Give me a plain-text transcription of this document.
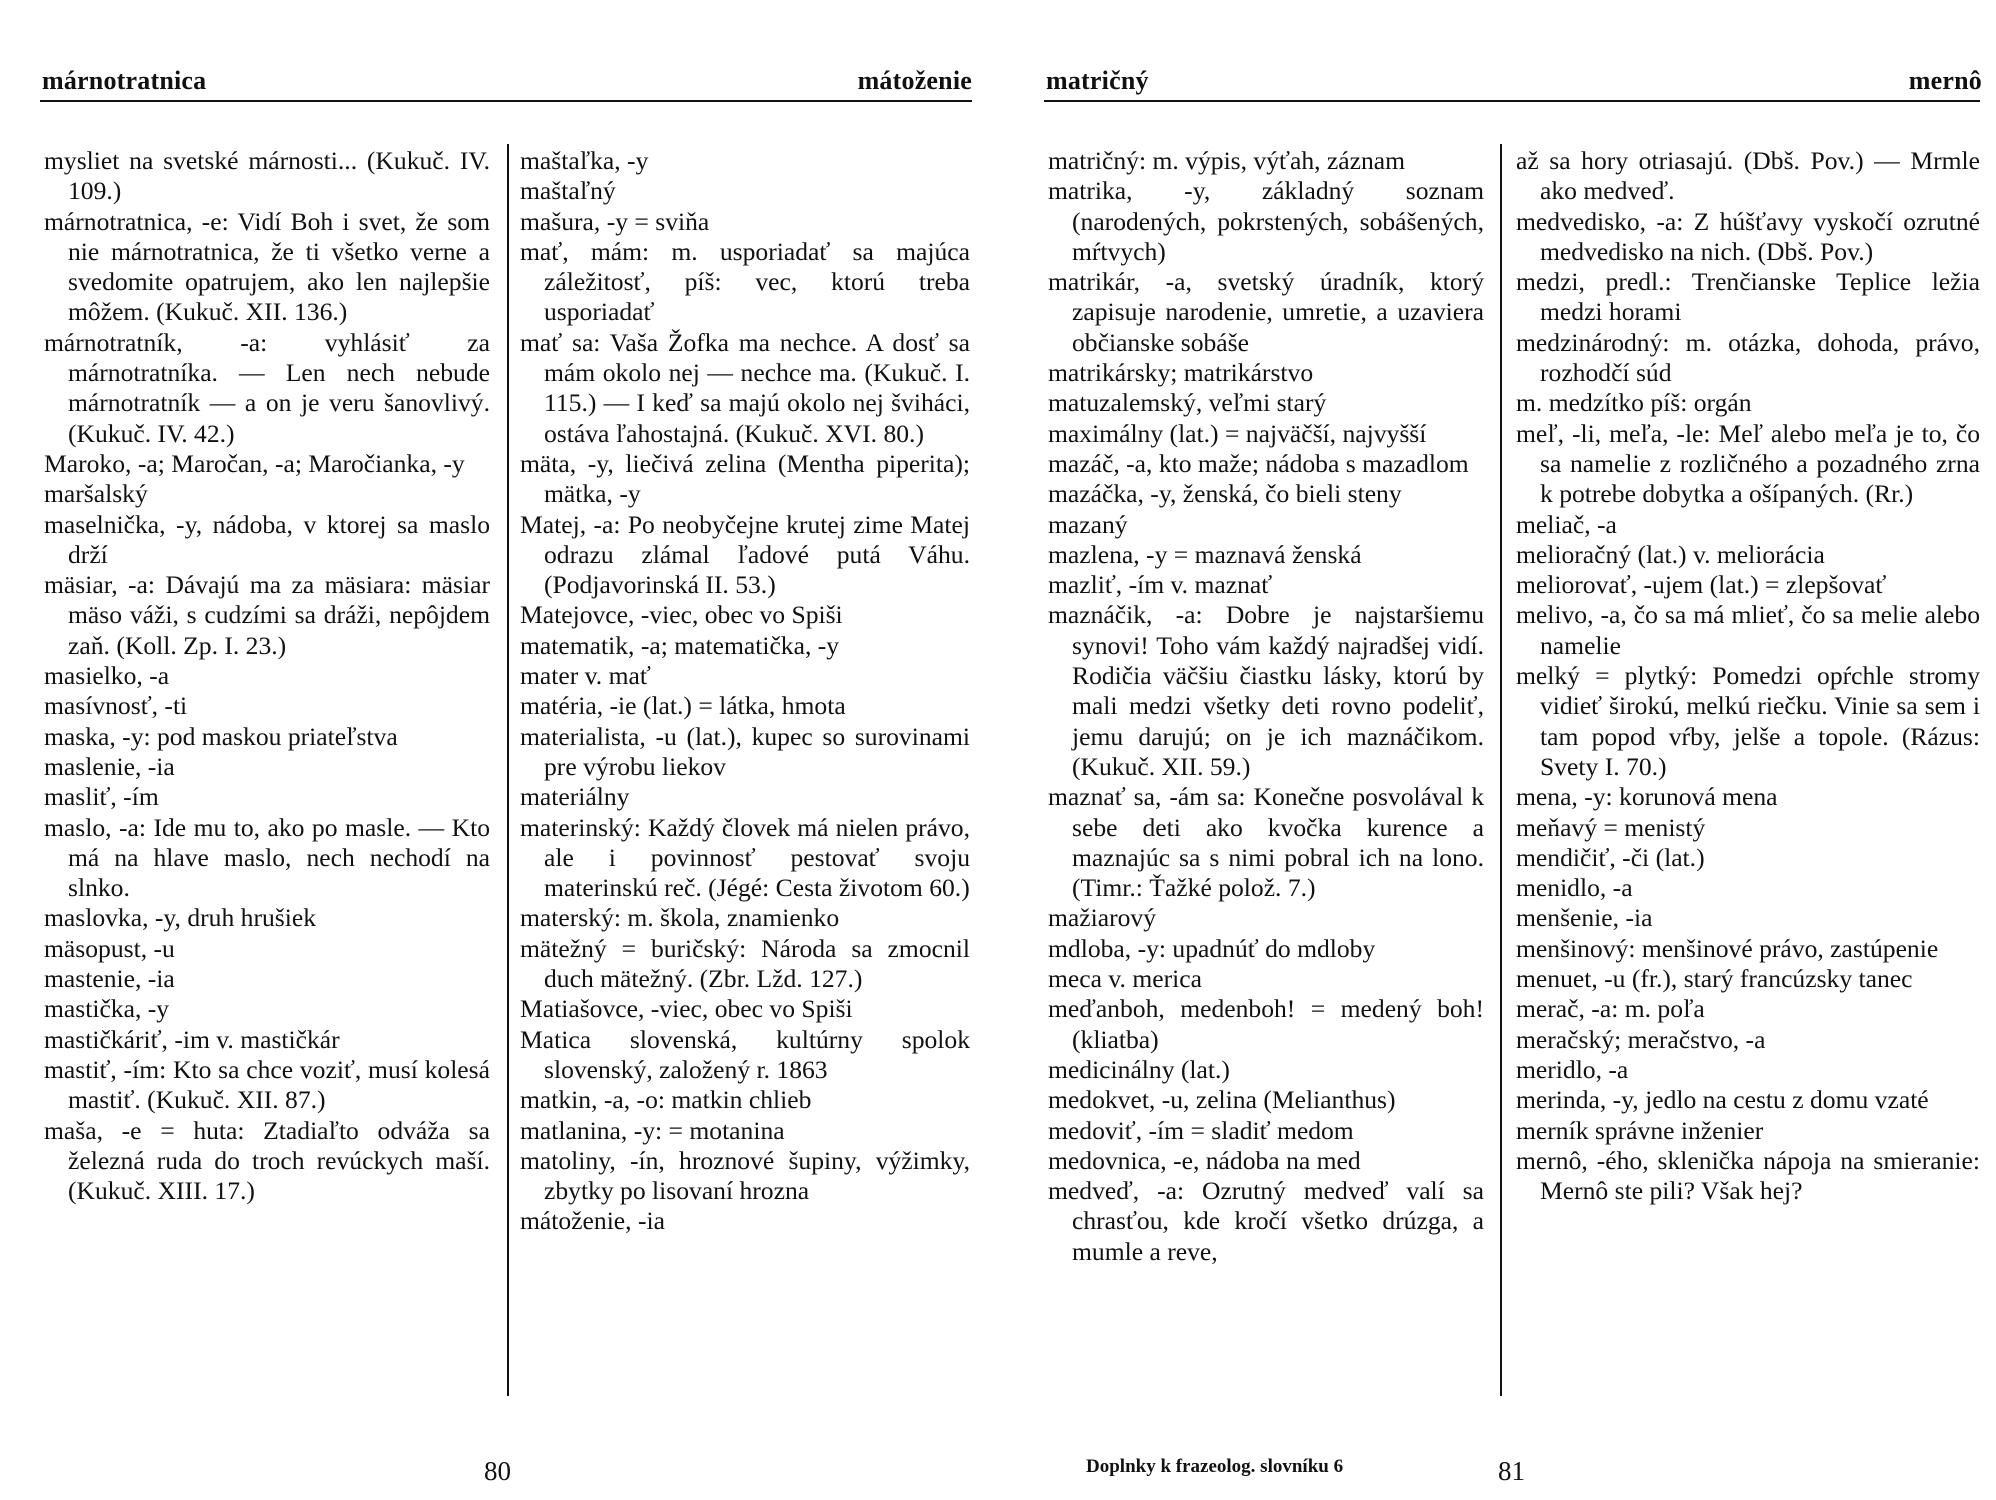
márnotratnica	mátoženie

mysliet na svetské márnosti... (Kukuč. IV. 109.)

márnotratnica, -e: Vidí Boh i svet, že som nie márnotratnica, že ti všetko verne a svedomite opatrujem, ako len najlepšie môžem. (Kukuč. XII. 136.)

márnotratník, -a: vyhlásiť za márnotratníka. — Len nech nebude márnotratník — a on je veru šanovlivý. (Kukuč. IV. 42.)

Maroko, -a; Maročan, -a; Maročianka, -y

maršalský

maselnička, -y, nádoba, v ktorej sa maslo drží

mäsiar, -a: Dávajú ma za mäsiara: mäsiar mäso váži, s cudzími sa dráži, nepôjdem zaň. (Koll. Zp. I. 23.)

masielko, -a

masívnosť, -ti

maska, -y: pod maskou priateľstva

maslenie, -ia

masliť, -ím

maslo, -a: Ide mu to, ako po masle. — Kto má na hlave maslo, nech nechodí na slnko.

maslovka, -y, druh hrušiek

mäsopust, -u

mastenie, -ia

mastička, -y

mastičkáriť, -im v. mastičkár

mastiť, -ím: Kto sa chce voziť, musí kolesá mastiť. (Kukuč. XII. 87.)

maša, -e = huta: Ztadiaľto odváža sa železná ruda do troch revúckych maší. (Kukuč. XIII. 17.)

maštaľka, -y

maštaľný

mašura, -y = sviňa

mať, mám: m. usporiadať sa majúca záležitosť, píš: vec, ktorú treba usporiadať

mať sa: Vaša Žofka ma nechce. A dosť sa mám okolo nej — nechce ma. (Kukuč. I. 115.) — I keď sa majú okolo nej šviháci, ostáva ľahostajná. (Kukuč. XVI. 80.)

mäta, -y, liečivá zelina (Mentha piperita); mätka, -y

Matej, -a: Po neobyčejne krutej zime Matej odrazu zlámal ľadové putá Váhu. (Podjavorinská II. 53.)

Matejovce, -viec, obec vo Spiši

matematik, -a; matematička, -y

mater v. mať

matéria, -ie (lat.) = látka, hmota

materialista, -u (lat.), kupec so surovinami pre výrobu liekov

materiálny

materinský: Každý človek má nielen právo, ale i povinnosť pestovať svoju materinskú reč. (Jégé: Cesta životom 60.)

materský: m. škola, znamienko

mätežný = buričský: Národa sa zmocnil duch mätežný. (Zbr. Lžd. 127.)

Matiašovce, -viec, obec vo Spiši

Matica slovenská, kultúrny spolok slovenský, založený r. 1863

matkin, -a, -o: matkin chlieb

matlanina, -y: = motanina

matoliny, -ín, hroznové šupiny, výžimky, zbytky po lisovaní hrozna

mátoženie, -ia

80
matričný	mernô

matričný: m. výpis, výťah, záznam

matrika, -y, základný soznam (narodených, pokrstených, sobášených, mŕtvych)

matrikár, -a, svetský úradník, ktorý zapisuje narodenie, umretie, a uzaviera občianske sobáše

matrikársky; matrikárstvo

matuzalemský, veľmi starý

maximálny (lat.) = najväčší, najvyšší

mazáč, -a, kto maže; nádoba s mazadlom

mazáčka, -y, ženská, čo bieli steny

mazaný

mazlena, -y = maznavá ženská

mazliť, -ím v. maznať

maznáčik, -a: Dobre je najstaršiemu synovi! Toho vám každý najradšej vidí. Rodičia väčšiu čiastku lásky, ktorú by mali medzi všetky deti rovno podeliť, jemu darujú; on je ich maznáčikom. (Kukuč. XII. 59.)

maznať sa, -ám sa: Konečne posvolával k sebe deti ako kvočka kurence a maznajúc sa s nimi pobral ich na lono. (Timr.: Ťažké polož. 7.)

mažiarový

mdloba, -y: upadnúť do mdloby

meca v. merica

meďanboh, medenboh! = medený boh! (kliatba)

medicinálny (lat.)

medokvet, -u, zelina (Melianthus)

medoviť, -ím = sladiť medom

medovnica, -e, nádoba na med

medveď, -a: Ozrutný medveď valí sa chrasťou, kde kročí všetko drúzga, a mumle a reve,

až sa hory otriasajú. (Dbš. Pov.) — Mrmle ako medveď.

medvedisko, -a: Z húšťavy vyskočí ozrutné medvedisko na nich. (Dbš. Pov.)

medzi, predl.: Trenčianske Teplice ležia medzi horami

medzinárodný: m. otázka, dohoda, právo, rozhodčí súd

m. medzítko píš: orgán

meľ, -li, meľa, -le: Meľ alebo meľa je to, čo sa namelie z rozličného a pozadného zrna k potrebe dobytka a ošípaných. (Rr.)

meliač, -a

melioračný (lat.) v. meliorácia

meliorovať, -ujem (lat.) = zlepšovať

melivo, -a, čo sa má mlieť, čo sa melie alebo namelie

melký = plytký: Pomedzi opŕchle stromy vidieť širokú, melkú riečku. Vinie sa sem i tam popod vŕby, jelše a topole. (Rázus: Svety I. 70.)

mena, -y: korunová mena

meňavý = menistý

mendičiť, -či (lat.)

menidlo, -a

menšenie, -ia

menšinový: menšinové právo, zastúpenie

menuet, -u (fr.), starý francúzsky tanec

merač, -a: m. poľa

meračský; meračstvo, -a

meridlo, -a

merinda, -y, jedlo na cestu z domu vzaté

merník správne inženier

mernô, -ého, sklenička nápoja na smieranie: Mernô ste pili? Však hej?

Doplnky k frazeolog. slovníku 6	81
